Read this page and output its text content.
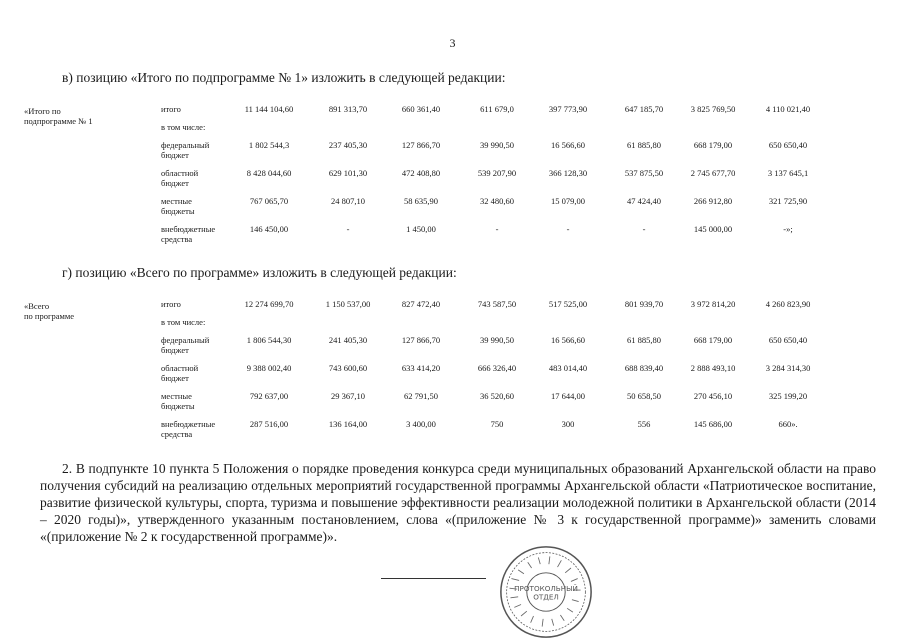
3
в) позицию «Итого по подпрограмме № 1» изложить в следующей редакции:
«Итого по
подпрограмме № 1
итого	11 144 104,60	891 313,70	660 361,40	611 679,0	397 773,90	647 185,70	3 825 769,50	4 110 021,40
в том числе:
федеральный
бюджет
1 802 544,3	237 405,30	127 866,70	39 990,50	16 566,60	61 885,80	668 179,00	650 650,40
областной
бюджет
8 428 044,60	629 101,30	472 408,80	539 207,90	366 128,30	537 875,50	2 745 677,70	3 137 645,1
местные
бюджеты
767 065,70	24 807,10	58 635,90	32 480,60	15 079,00	47 424,40	266 912,80	321 725,90
внебюджетные
средства
146 450,00	-	1 450,00	-	-	-	145 000,00	-»;
г) позицию «Всего по программе» изложить в следующей редакции:
«Всего
по программе
итого	12 274 699,70	1 150 537,00	827 472,40	743 587,50	517 525,00	801 939,70	3 972 814,20	4 260 823,90
в том числе:
федеральный
бюджет
1 806 544,30	241 405,30	127 866,70	39 990,50	16 566,60	61 885,80	668 179,00	650 650,40
областной
бюджет
9 388 002,40	743 600,60	633 414,20	666 326,40	483 014,40	688 839,40	2 888 493,10	3 284 314,30
местные
бюджеты
792 637,00	29 367,10	62 791,50	36 520,60	17 644,00	50 658,50	270 456,10	325 199,20
внебюджетные
средства
287 516,00	136 164,00	3 400,00	750	300	556	145 686,00	660».
2. В подпункте 10 пункта 5 Положения о порядке проведения конкурса среди муниципальных образований Архангельской области на право получения субсидий на реализацию отдельных мероприятий государственной программы Архангельской области «Патриотическое воспитание, развитие физической культуры, спорта, туризма и повышение эффективности реализации молодежной политики в Архангельской области (2014 – 2020 годы)», утвержденного указанным постановлением, слова «(приложение № 3 к государственной программе)» заменить словами «(приложение № 2 к государственной программе)».
ПРОТОКОЛЬНЫЙ
ОТДЕЛ
